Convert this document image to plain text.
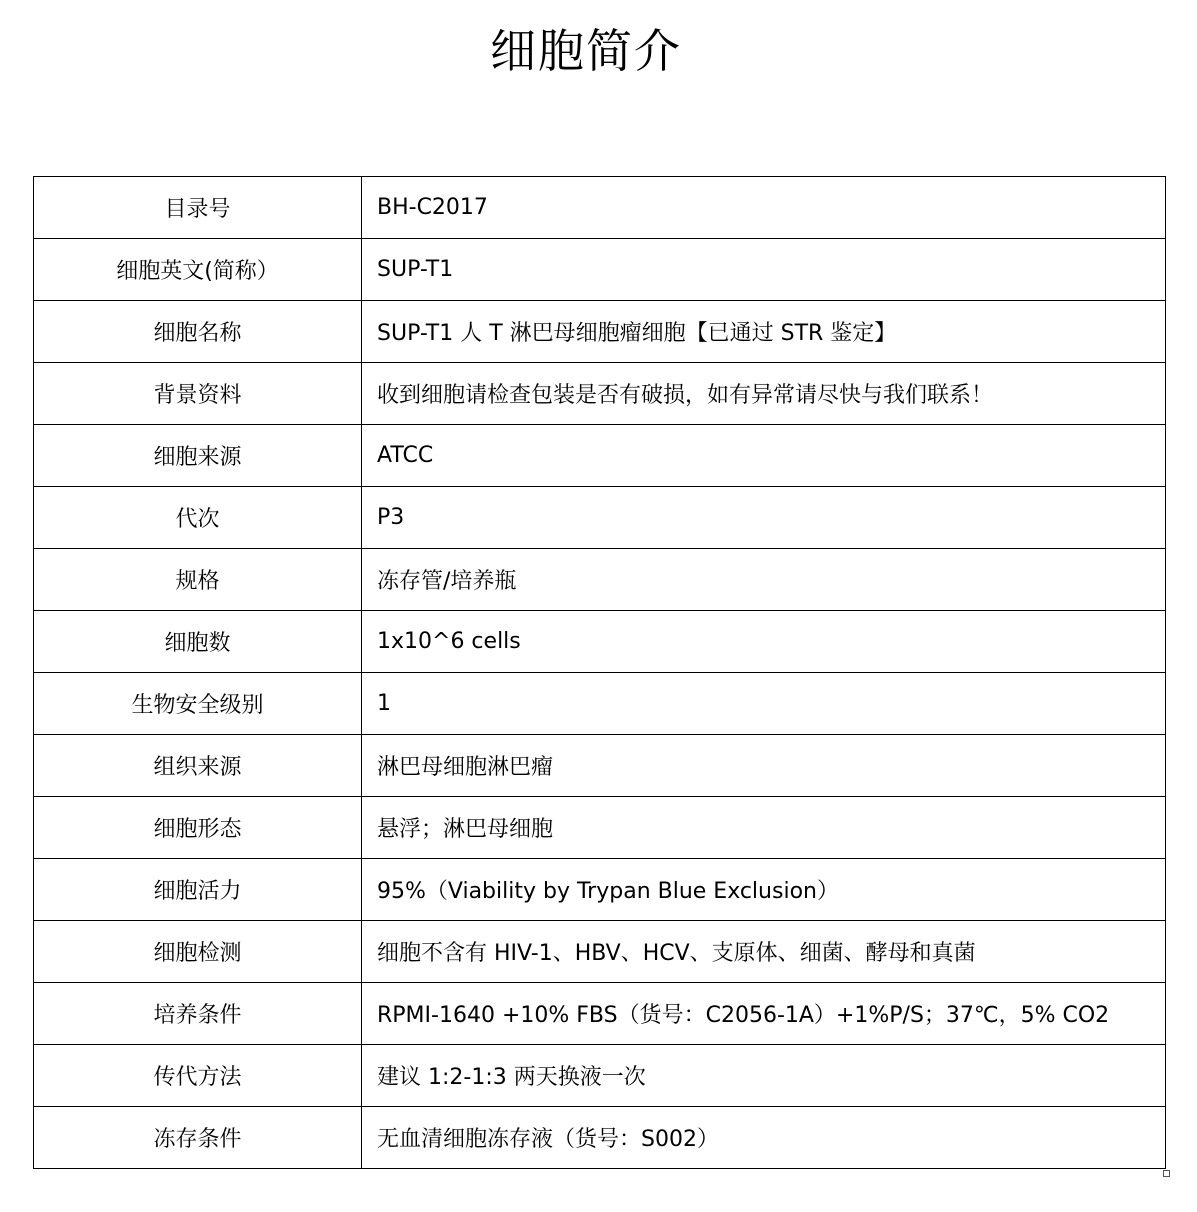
细胞简介
目录号	BH-C2017
细胞英文(简称）	SUP-T1
细胞名称	SUP-T1 人 T 淋巴母细胞瘤细胞【已通过 STR 鉴定】
背景资料	收到细胞请检查包装是否有破损，如有异常请尽快与我们联系！
细胞来源	ATCC
代次	P3
规格	冻存管/培养瓶
细胞数	1x10^6 cells
生物安全级别	1
组织来源	淋巴母细胞淋巴瘤
细胞形态	悬浮；淋巴母细胞
细胞活力	95%（Viability by Trypan Blue Exclusion）
细胞检测	细胞不含有 HIV-1、HBV、HCV、支原体、细菌、酵母和真菌
培养条件	RPMI-1640 +10% FBS（货号：C2056-1A）+1%P/S；37℃，5% CO2
传代方法	建议 1:2-1:3 两天换液一次
冻存条件	无血清细胞冻存液（货号：S002）
